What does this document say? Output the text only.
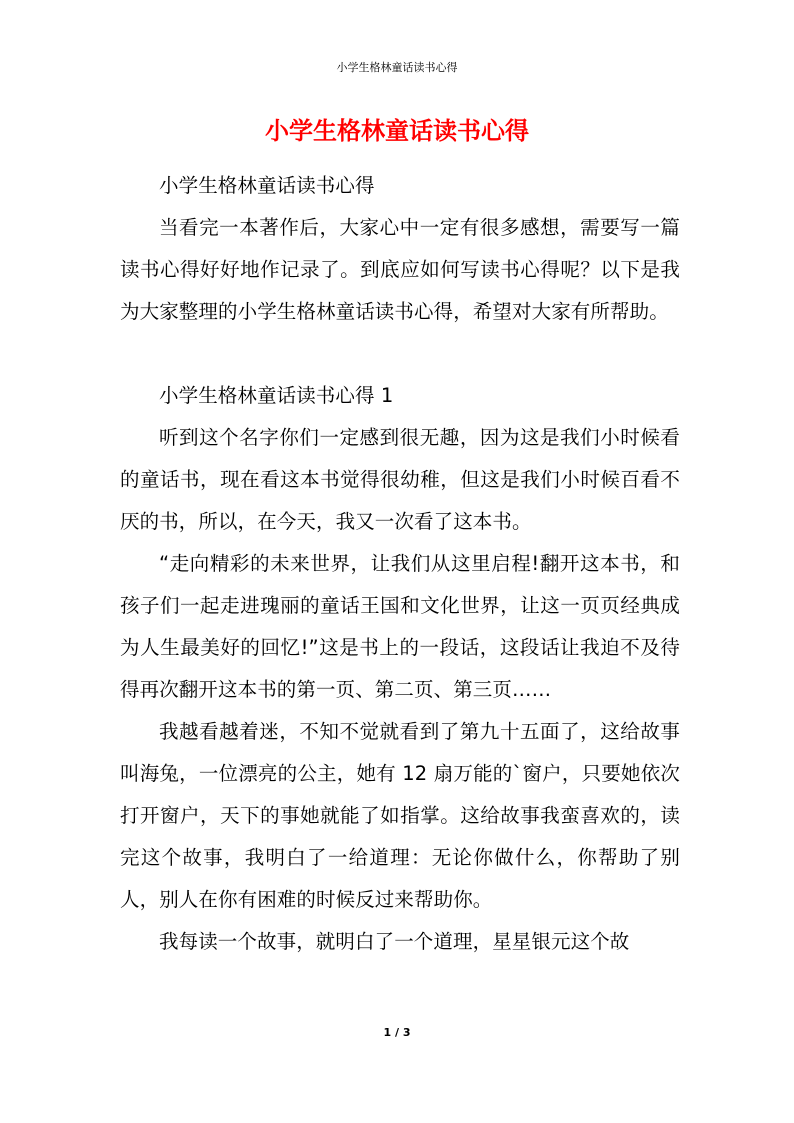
小学生格林童话读书心得
小学生格林童话读书心得

小学生格林童话读书心得

当看完一本著作后，大家心中一定有很多感想，需要写一篇读书心得好好地作记录了。到底应如何写读书心得呢？以下是我为大家整理的小学生格林童话读书心得，希望对大家有所帮助。

小学生格林童话读书心得 1

听到这个名字你们一定感到很无趣，因为这是我们小时候看的童话书，现在看这本书觉得很幼稚，但这是我们小时候百看不厌的书，所以，在今天，我又一次看了这本书。

“走向精彩的未来世界，让我们从这里启程!翻开这本书，和孩子们一起走进瑰丽的童话王国和文化世界，让这一页页经典成为人生最美好的回忆!”这是书上的一段话，这段话让我迫不及待得再次翻开这本书的第一页、第二页、第三页……

我越看越着迷，不知不觉就看到了第九十五面了，这给故事叫海兔，一位漂亮的公主，她有 12 扇万能的`窗户，只要她依次打开窗户，天下的事她就能了如指掌。这给故事我蛮喜欢的，读完这个故事，我明白了一给道理：无论你做什么，你帮助了别人，别人在你有困难的时候反过来帮助你。

我每读一个故事，就明白了一个道理，星星银元这个故

1 / 3
